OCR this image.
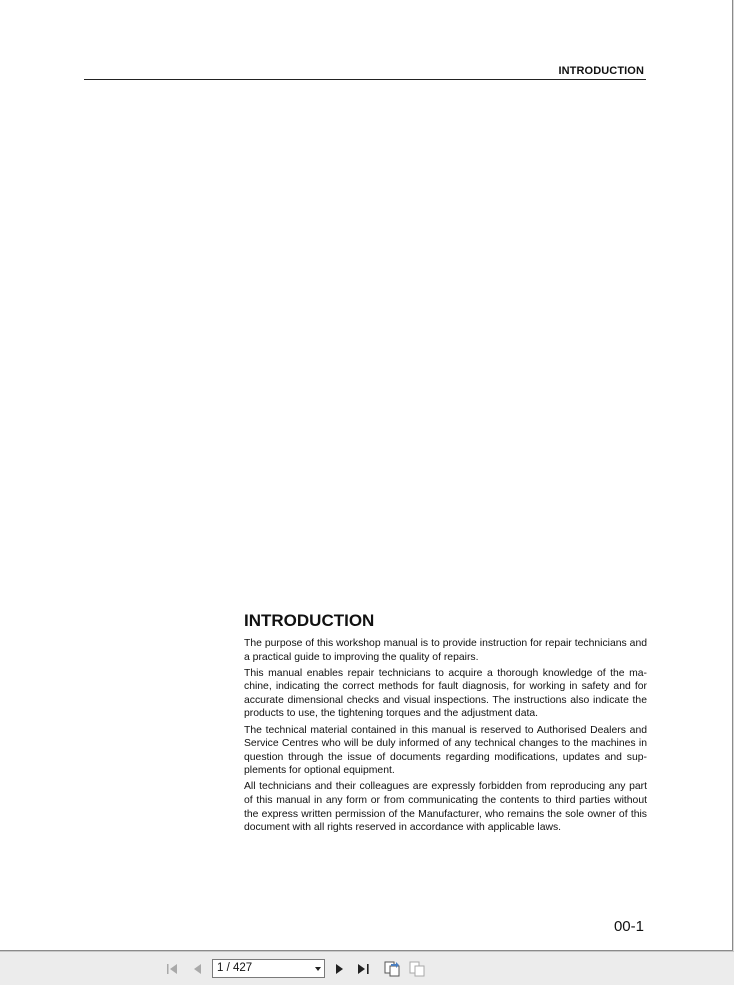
INTRODUCTION
INTRODUCTION

The purpose of this workshop manual is to provide instruction for repair technicians and a practical guide to improving the quality of repairs.

This manual enables repair technicians to acquire a thorough knowledge of the machine, indicating the correct methods for fault diagnosis, for working in safety and for accurate dimensional checks and visual inspections. The instructions also indicate the products to use, the tightening torques and the adjustment data.

The technical material contained in this manual is reserved to Authorised Dealers and Service Centres who will be duly informed of any technical changes to the machines in question through the issue of documents regarding modifications, updates and supplements for optional equipment.

All technicians and their colleagues are expressly forbidden from reproducing any part of this manual in any form or from communicating the contents to third parties without the express written permission of the Manufacturer, who remains the sole owner of this document with all rights reserved in accordance with applicable laws.

00-1
1 / 427
